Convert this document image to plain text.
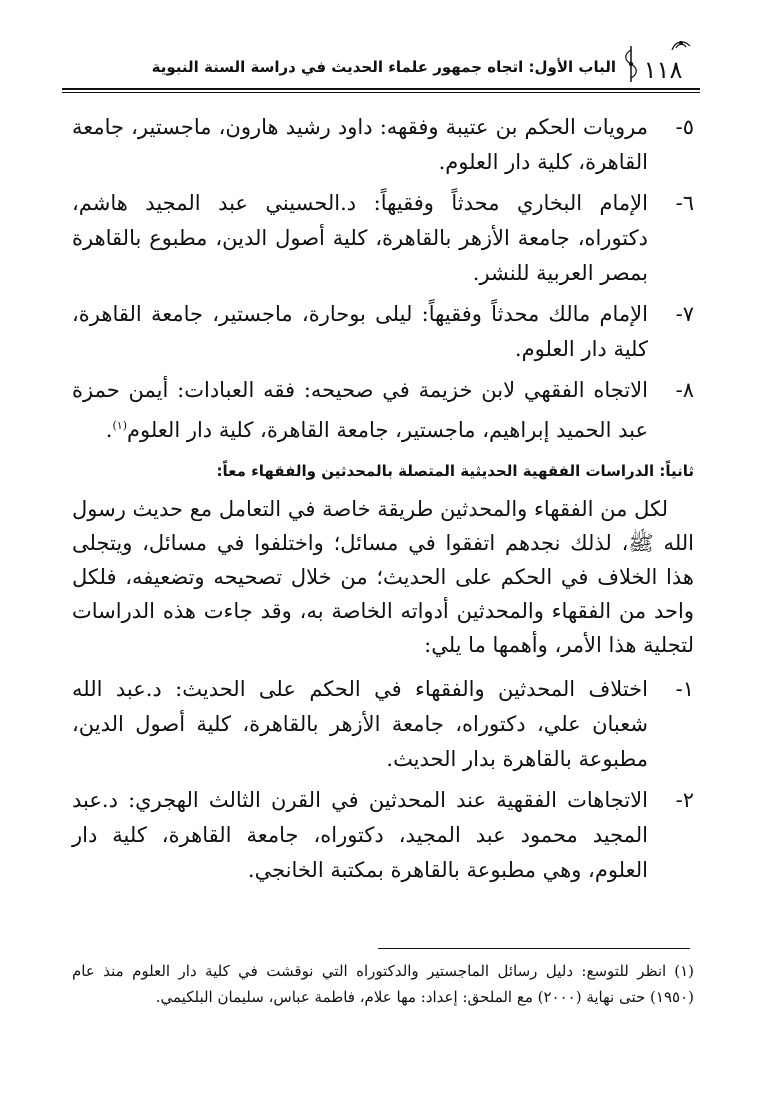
١١٨
الباب الأول: اتجاه جمهور علماء الحديث في دراسة السنة النبوية
٥-
مرويات الحكم بن عتيبة وفقهه: داود رشيد هارون، ماجستير، جامعة القاهرة، كلية دار العلوم.
٦-
الإمام البخاري محدثاً وفقيهاً: د.الحسيني عبد المجيد هاشم، دكتوراه، جامعة الأزهر بالقاهرة، كلية أصول الدين، مطبوع بالقاهرة بمصر العربية للنشر.
٧-
الإمام مالك محدثاً وفقيهاً: ليلى بوحارة، ماجستير، جامعة القاهرة، كلية دار العلوم.
٨-
الاتجاه الفقهي لابن خزيمة في صحيحه: فقه العبادات: أيمن حمزة عبد الحميد إبراهيم، ماجستير، جامعة القاهرة، كلية دار العلوم$^{(١)}$.
ثانياً: الدراسات الفقهية الحديثية المتصلة بالمحدثين والفقهاء معاً:
لكل من الفقهاء والمحدثين طريقة خاصة في التعامل مع حديث رسول الله ﷺ، لذلك نجدهم اتفقوا في مسائل؛ واختلفوا في مسائل، ويتجلى هذا الخلاف في الحكم على الحديث؛ من خلال تصحيحه وتضعيفه، فلكل واحد من الفقهاء والمحدثين أدواته الخاصة به، وقد جاءت هذه الدراسات لتجلية هذا الأمر، وأهمها ما يلي:
١-
اختلاف المحدثين والفقهاء في الحكم على الحديث: د.عبد الله شعبان علي، دكتوراه، جامعة الأزهر بالقاهرة، كلية أصول الدين، مطبوعة بالقاهرة بدار الحديث.
٢-
الاتجاهات الفقهية عند المحدثين في القرن الثالث الهجري: د.عبد المجيد محمود عبد المجيد، دكتوراه، جامعة القاهرة، كلية دار العلوم، وهي مطبوعة بالقاهرة بمكتبة الخانجي.
(١)انظر للتوسع: دليل رسائل الماجستير والدكتوراه التي نوقشت في كلية دار العلوم منذ عام (١٩٥٠) حتى نهاية (٢٠٠٠) مع الملحق: إعداد: مها علام، فاطمة عباس، سليمان البلكيمي.
